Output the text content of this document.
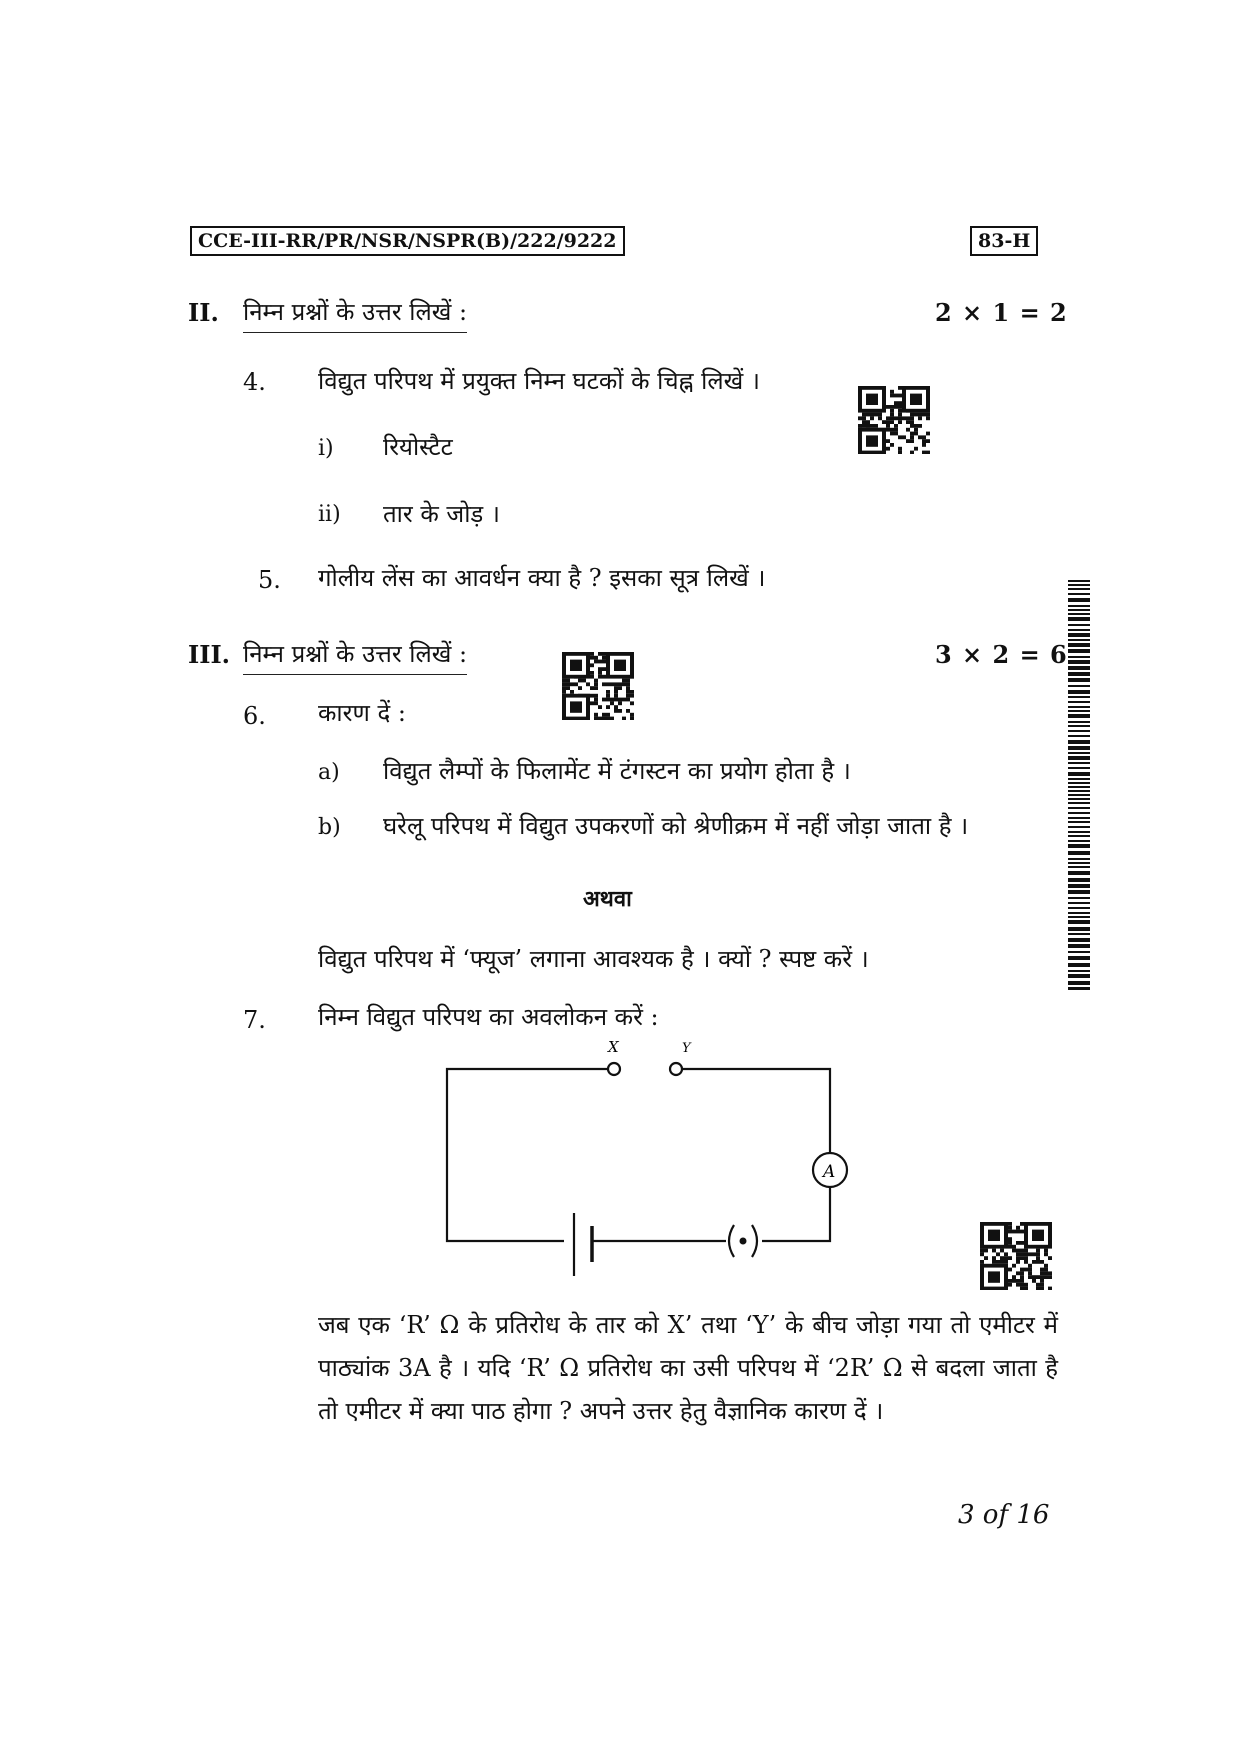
CCE-III-RR/PR/NSR/NSPR(B)/222/9222	83-H
II. निम्न प्रश्नों के उत्तर लिखें :	2 × 1 = 2
4. विद्युत परिपथ में प्रयुक्त निम्न घटकों के चिह्न लिखें ।
i) रियोस्टैट
ii) तार के जोड़ ।
5. गोलीय लेंस का आवर्धन क्या है ? इसका सूत्र लिखें ।
III. निम्न प्रश्नों के उत्तर लिखें :	3 × 2 = 6
6. कारण दें :
a) विद्युत लैम्पों के फिलामेंट में टंगस्टन का प्रयोग होता है ।
b) घरेलू परिपथ में विद्युत उपकरणों को श्रेणीक्रम में नहीं जोड़ा जाता है ।
अथवा
विद्युत परिपथ में ‘फ्यूज’ लगाना आवश्यक है । क्यों ? स्पष्ट करें ।
7. निम्न विद्युत परिपथ का अवलोकन करें :
X	Y
A
जब एक ‘R’ Ω के प्रतिरोध के तार को X’ तथा ‘Y’ के बीच जोड़ा गया तो एमीटर में पाठ्यांक 3A है । यदि ‘R’ Ω प्रतिरोध का उसी परिपथ में ‘2R’ Ω से बदला जाता है तो एमीटर में क्या पाठ होगा ? अपने उत्तर हेतु वैज्ञानिक कारण दें ।
3 of 16
